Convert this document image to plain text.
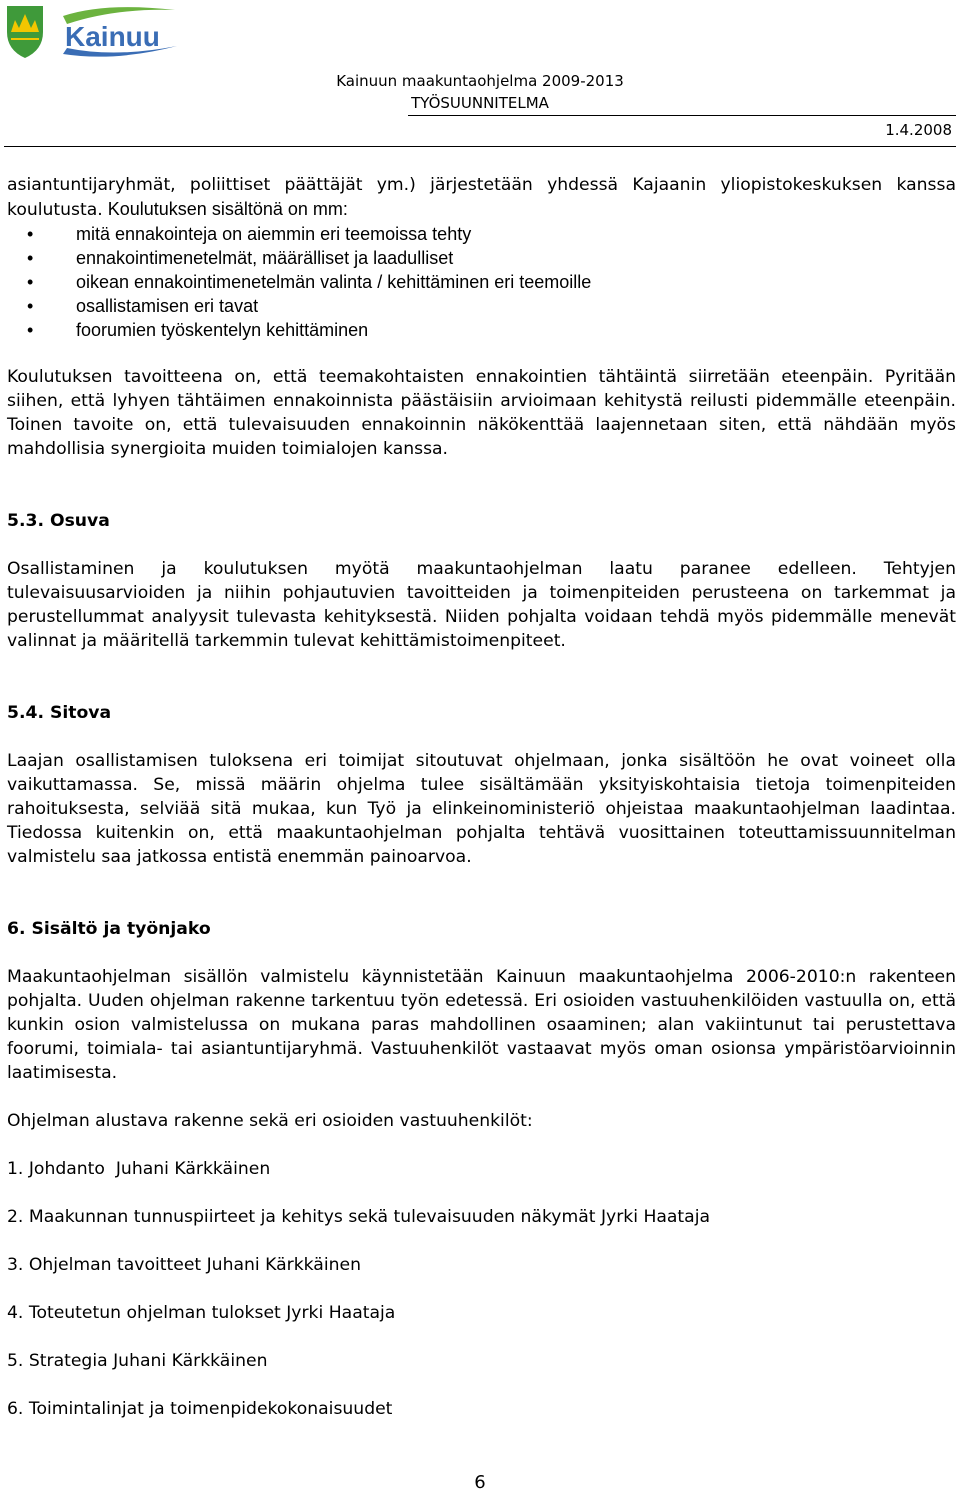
Kainuu
Kainuun maakuntaohjelma 2009-2013
TYÖSUUNNITELMA
1.4.2008

asiantuntijaryhmät, poliittiset päättäjät ym.) järjestetään yhdessä Kajaanin yliopistokeskuksen kanssa koulutusta. Koulutuksen sisältönä on mm:

• mitä ennakointeja on aiemmin eri teemoissa tehty
• ennakointimenetelmät, määrälliset ja laadulliset
• oikean ennakointimenetelmän valinta / kehittäminen eri teemoille
• osallistamisen eri tavat
• foorumien työskentelyn kehittäminen

Koulutuksen tavoitteena on, että teemakohtaisten ennakointien tähtäintä siirretään eteenpäin. Pyritään siihen, että lyhyen tähtäimen ennakoinnista päästäisiin arvioimaan kehitystä reilusti pidemmälle eteenpäin. Toinen tavoite on, että tulevaisuuden ennakoinnin näkökenttää laajennetaan siten, että nähdään myös mahdollisia synergioita muiden toimialojen kanssa.

5.3. Osuva

Osallistaminen ja koulutuksen myötä maakuntaohjelman laatu paranee edelleen. Tehtyjen tulevaisuusarvioiden ja niihin pohjautuvien tavoitteiden ja toimenpiteiden perusteena on tarkemmat ja perustellummat analyysit tulevasta kehityksestä. Niiden pohjalta voidaan tehdä myös pidemmälle menevät valinnat ja määritellä tarkemmin tulevat kehittämistoimenpiteet.

5.4. Sitova

Laajan osallistamisen tuloksena eri toimijat sitoutuvat ohjelmaan, jonka sisältöön he ovat voineet olla vaikuttamassa. Se, missä määrin ohjelma tulee sisältämään yksityiskohtaisia tietoja toimenpiteiden rahoituksesta, selviää sitä mukaa, kun Työ ja elinkeinoministeriö ohjeistaa maakuntaohjelman laadintaa. Tiedossa kuitenkin on, että maakuntaohjelman pohjalta tehtävä vuosittainen toteuttamissuunnitelman valmistelu saa jatkossa entistä enemmän painoarvoa.

6. Sisältö ja työnjako

Maakuntaohjelman sisällön valmistelu käynnistetään Kainuun maakuntaohjelma 2006-2010:n rakenteen pohjalta. Uuden ohjelman rakenne tarkentuu työn edetessä. Eri osioiden vastuuhenkilöiden vastuulla on, että kunkin osion valmistelussa on mukana paras mahdollinen osaaminen; alan vakiintunut tai perustettava foorumi, toimiala- tai asiantuntijaryhmä. Vastuuhenkilöt vastaavat myös oman osionsa ympäristöarvioinnin laatimisesta.

Ohjelman alustava rakenne sekä eri osioiden vastuuhenkilöt:

1. Johdanto  Juhani Kärkkäinen

2. Maakunnan tunnuspiirteet ja kehitys sekä tulevaisuuden näkymät Jyrki Haataja

3. Ohjelman tavoitteet Juhani Kärkkäinen

4. Toteutetun ohjelman tulokset Jyrki Haataja

5. Strategia Juhani Kärkkäinen

6. Toimintalinjat ja toimenpidekokonaisuudet

6
